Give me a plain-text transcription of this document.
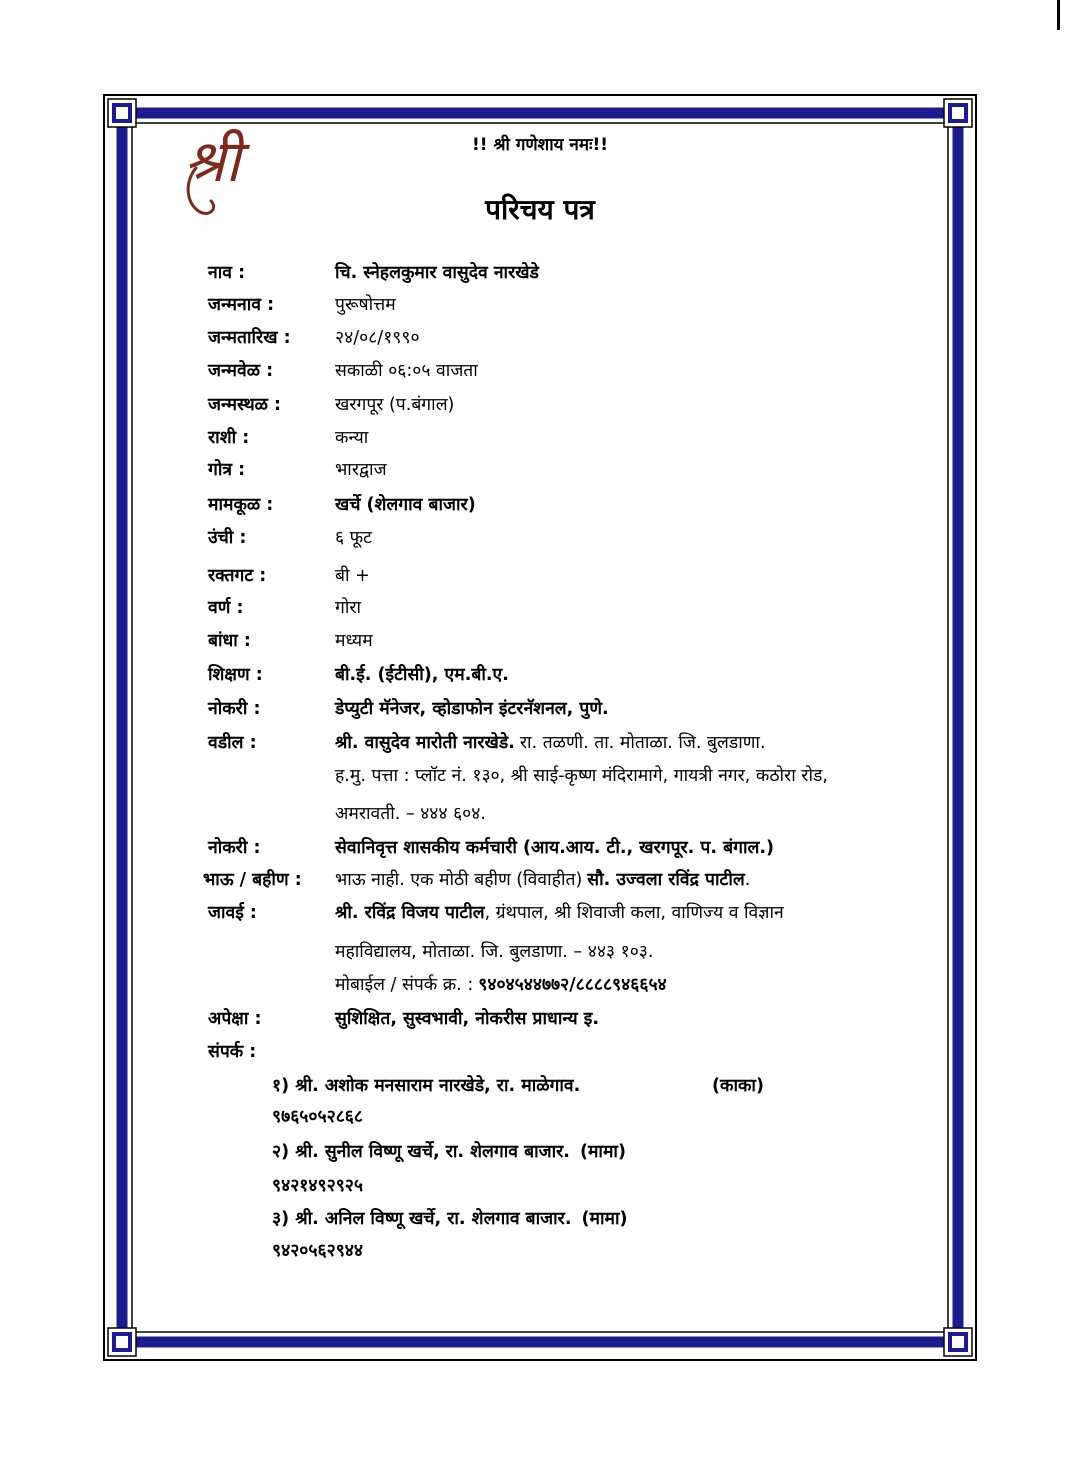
श्री	!! श्री गणेशाय नमः!!
परिचय पत्र
नाव :	चि. स्नेहलकुमार वासुदेव नारखेडे
जन्मनाव :	पुरूषोत्तम
जन्मतारिख :	२४/०८/१९९०
जन्मवेळ :	सकाळी ०६:०५ वाजता
जन्मस्थळ :	खरगपूर (प.बंगाल)
राशी :	कन्या
गोत्र :	भारद्वाज
मामकूळ :	खर्चे (शेलगाव बाजार)
उंची :	६ फूट
रक्तगट :	बी +
वर्ण :	गोरा
बांधा :	मध्यम
शिक्षण :	बी.ई. (ईटीसी), एम.बी.ए.
नोकरी :	डेप्युटी मॅनेजर, व्होडाफोन इंटरनॅशनल, पुणे.
वडील :	श्री. वासुदेव मारोती नारखेडे. रा. तळणी. ता. मोताळा. जि. बुलडाणा.
ह.मु. पत्ता : प्लॉट नं. १३०, श्री साई-कृष्ण मंदिरामागे, गायत्री नगर, कठोरा रोड,
अमरावती. – ४४४ ६०४.
नोकरी :	सेवानिवृत्त शासकीय कर्मचारी (आय.आय. टी., खरगपूर. प. बंगाल.)
भाऊ / बहीण : भाऊ नाही. एक मोठी बहीण (विवाहीत) सौ. उज्वला रविंद्र पाटील.
जावई :	श्री. रविंद्र विजय पाटील, ग्रंथपाल, श्री शिवाजी कला, वाणिज्य व विज्ञान
महाविद्यालय, मोताळा. जि. बुलडाणा. – ४४३ १०३.
मोबाईल / संपर्क क्र. : ९४०४५४४७७२/८८८८९४६६५४
अपेक्षा :	सुशिक्षित, सुस्वभावी, नोकरीस प्राधान्य इ.
संपर्क :
१) श्री. अशोक मनसाराम नारखेडे, रा. माळेगाव.	(काका)
९७६५०५२८६८
२) श्री. सुनील विष्णू खर्चे, रा. शेलगाव बाजार. (मामा)
९४२१४९२९२५
३) श्री. अनिल विष्णू खर्चे, रा. शेलगाव बाजार. (मामा)
९४२०५६२९४४
